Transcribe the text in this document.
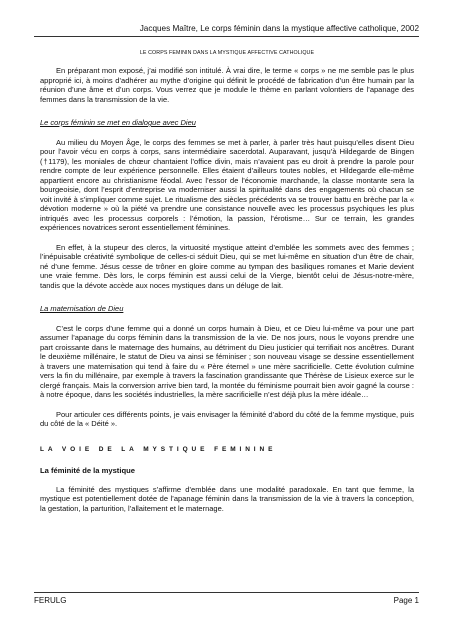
Jacques Maître, Le corps féminin dans la mystique affective catholique, 2002
LE CORPS FEMININ DANS LA MYSTIQUE AFFECTIVE CATHOLIQUE

En préparant mon exposé, j’ai modifié son intitulé. À vrai dire, le terme « corps » ne me semble pas le plus approprié ici, à moins d’adhérer au mythe d’origine qui définit le procédé de fabrication d’un être humain par la réunion d’une âme et d’un corps. Vous verrez que je module le thème en parlant volontiers de l’apanage des femmes dans la transmission de la vie.

Le corps féminin se met en dialogue avec Dieu

Au milieu du Moyen Âge, le corps des femmes se met à parler, à parler très haut puisqu’elles disent Dieu pour l’avoir vécu en corps à corps, sans intermédiaire sacerdotal. Auparavant, jusqu’à Hildegarde de Bingen (†1179), les moniales de chœur chantaient l’office divin, mais n’avaient pas eu droit à prendre la parole pour rendre compte de leur expérience personnelle. Elles étaient d’ailleurs toutes nobles, et Hildegarde elle-même appartient encore au christianisme féodal. Avec l’essor de l’économie marchande, la classe montante sera la bourgeoisie, dont l’esprit d’entreprise va moderniser aussi la spiritualité dans des engagements où chacun se voit invité à s’impliquer comme sujet. Le ritualisme des siècles précédents va se trouver battu en brèche par la « dévotion moderne » où la piété va prendre une consistance nouvelle avec les processus psychiques les plus intriqués avec les processus corporels : l’émotion, la passion, l’érotisme… Sur ce terrain, les grandes expériences novatrices seront essentiellement féminines.

En effet, à la stupeur des clercs, la virtuosité mystique atteint d’emblée les sommets avec des femmes ; l’inépuisable créativité symbolique de celles-ci séduit Dieu, qui se met lui-même en situation d’un être de chair, né d’une femme. Jésus cesse de trôner en gloire comme au tympan des basiliques romanes et Marie devient une vraie femme. Dès lors, le corps féminin est aussi celui de la Vierge, bientôt celui de Jésus-notre-mère, tandis que la dévote accède aux noces mystiques dans un déluge de lait.

La maternisation de Dieu

C’est le corps d’une femme qui a donné un corps humain à Dieu, et ce Dieu lui-même va pour une part assumer l’apanage du corps féminin dans la transmission de la vie. De nos jours, nous le voyons prendre une part croissante dans le maternage des humains, au détriment du Dieu justicier qui terrifiait nos ancêtres. Durant le deuxième millénaire, le statut de Dieu va ainsi se féminiser ; son nouveau visage se dessine essentiellement à travers une maternisation qui tend à faire du « Père éternel » une mère sacrificielle. Cette évolution culmine vers la fin du millénaire, par exemple à travers la fascination grandissante que Thérèse de Lisieux exerce sur le clergé français. Mais la conversion arrive bien tard, la montée du féminisme pourrait bien avoir gagné la course : à notre époque, dans les sociétés industrielles, la mère sacrificielle n’est déjà plus la mère idéale…

Pour articuler ces différents points, je vais envisager la féminité d’abord du côté de la femme mystique, puis du côté de la « Déité ».

LA VOIE DE LA MYSTIQUE FEMININE
La féminité de la mystique

La féminité des mystiques s’affirme d’emblée dans une modalité paradoxale. En tant que femme, la mystique est potentiellement dotée de l’apanage féminin dans la transmission de la vie à travers la conception, la gestation, la parturition, l’allaitement et le maternage.

FERULG	Page 1
